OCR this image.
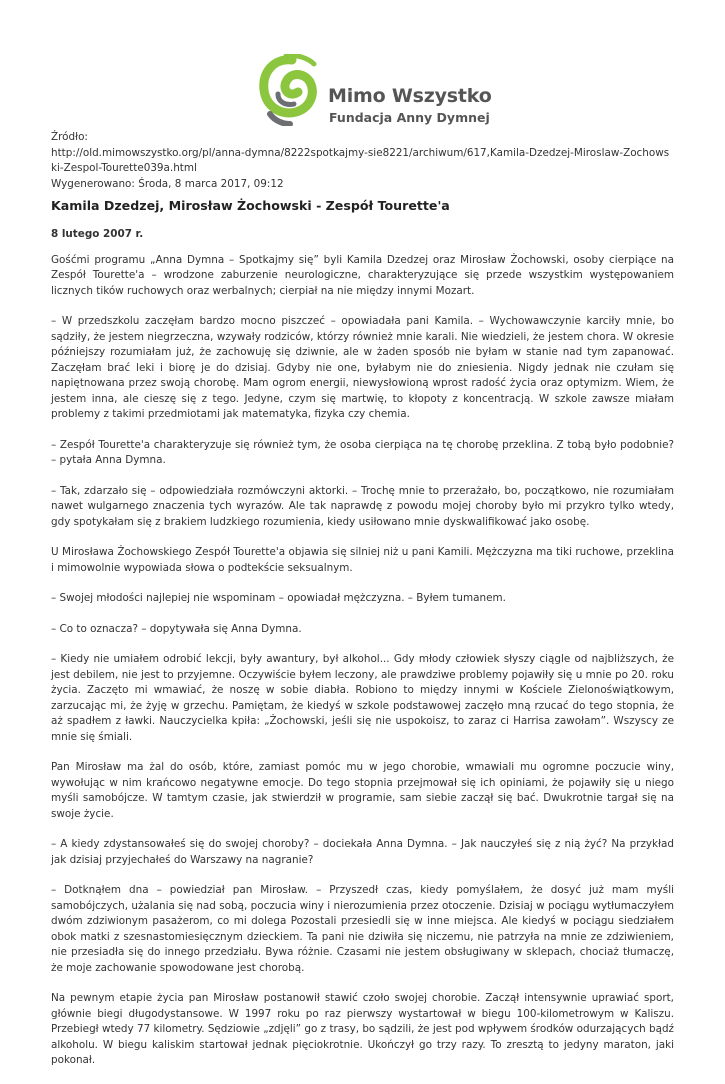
Mimo Wszystko
Fundacja Anny Dymnej
Źródło:
http://old.mimowszystko.org/pl/anna-dymna/8222spotkajmy-sie8221/archiwum/617,Kamila-Dzedzej-Miroslaw-Zochowski-Zespol-Tourette039a.html
Wygenerowano: Środa, 8 marca 2017, 09:12
Kamila Dzedzej, Mirosław Żochowski - Zespół Tourette'a
8 lutego 2007 r.

Gośćmi programu „Anna Dymna – Spotkajmy się” byli Kamila Dzedzej oraz Mirosław Żochowski, osoby cierpiące na Zespół Tourette'a – wrodzone zaburzenie neurologiczne, charakteryzujące się przede wszystkim występowaniem licznych tików ruchowych oraz werbalnych; cierpiał na nie między innymi Mozart.

– W przedszkolu zaczęłam bardzo mocno piszczeć – opowiadała pani Kamila. – Wychowawczynie karciły mnie, bo sądziły, że jestem niegrzeczna, wzywały rodziców, którzy również mnie karali. Nie wiedzieli, że jestem chora. W okresie późniejszy rozumiałam już, że zachowuję się dziwnie, ale w żaden sposób nie byłam w stanie nad tym zapanować. Zaczęłam brać leki i biorę je do dzisiaj. Gdyby nie one, byłabym nie do zniesienia. Nigdy jednak nie czułam się napiętnowana przez swoją chorobę. Mam ogrom energii, niewysłowioną wprost radość życia oraz optymizm. Wiem, że jestem inna, ale cieszę się z tego. Jedyne, czym się martwię, to kłopoty z koncentracją. W szkole zawsze miałam problemy z takimi przedmiotami jak matematyka, fizyka czy chemia.

– Zespół Tourette'a charakteryzuje się również tym, że osoba cierpiąca na tę chorobę przeklina. Z tobą było podobnie? – pytała Anna Dymna.

– Tak, zdarzało się – odpowiedziała rozmówczyni aktorki. – Trochę mnie to przerażało, bo, początkowo, nie rozumiałam nawet wulgarnego znaczenia tych wyrazów. Ale tak naprawdę z powodu mojej choroby było mi przykro tylko wtedy, gdy spotykałam się z brakiem ludzkiego rozumienia, kiedy usiłowano mnie dyskwalifikować jako osobę.

U Mirosława Żochowskiego Zespół Tourette'a objawia się silniej niż u pani Kamili. Mężczyzna ma tiki ruchowe, przeklina i mimowolnie wypowiada słowa o podtekście seksualnym.

– Swojej młodości najlepiej nie wspominam – opowiadał mężczyzna. – Byłem tumanem.

– Co to oznacza? – dopytywała się Anna Dymna.

– Kiedy nie umiałem odrobić lekcji, były awantury, był alkohol... Gdy młody człowiek słyszy ciągle od najbliższych, że jest debilem, nie jest to przyjemne. Oczywiście byłem leczony, ale prawdziwe problemy pojawiły się u mnie po 20. roku życia. Zaczęto mi wmawiać, że noszę w sobie diabła. Robiono to między innymi w Kościele Zielonoświątkowym, zarzucając mi, że żyję w grzechu. Pamiętam, że kiedyś w szkole podstawowej zaczęło mną rzucać do tego stopnia, że aż spadłem z ławki. Nauczycielka kpiła: „Żochowski, jeśli się nie uspokoisz, to zaraz ci Harrisa zawołam”. Wszyscy ze mnie się śmiali.

Pan Mirosław ma żal do osób, które, zamiast pomóc mu w jego chorobie, wmawiali mu ogromne poczucie winy, wywołując w nim krańcowo negatywne emocje. Do tego stopnia przejmował się ich opiniami, że pojawiły się u niego myśli samobójcze. W tamtym czasie, jak stwierdził w programie, sam siebie zaczął się bać. Dwukrotnie targał się na swoje życie.

– A kiedy zdystansowałeś się do swojej choroby? – dociekała Anna Dymna. – Jak nauczyłeś się z nią żyć? Na przykład jak dzisiaj przyjechałeś do Warszawy na nagranie?

– Dotknąłem dna – powiedział pan Mirosław. – Przyszedł czas, kiedy pomyślałem, że dosyć już mam myśli samobójczych, użalania się nad sobą, poczucia winy i nierozumienia przez otoczenie. Dzisiaj w pociągu wytłumaczyłem dwóm zdziwionym pasażerom, co mi dolega Pozostali przesiedli się w inne miejsca. Ale kiedyś w pociągu siedziałem obok matki z szesnastomiesięcznym dzieckiem. Ta pani nie dziwiła się niczemu, nie patrzyła na mnie ze zdziwieniem, nie przesiadła się do innego przedziału. Bywa różnie. Czasami nie jestem obsługiwany w sklepach, chociaż tłumaczę, że moje zachowanie spowodowane jest chorobą.

Na pewnym etapie życia pan Mirosław postanowił stawić czoło swojej chorobie. Zaczął intensywnie uprawiać sport, głównie biegi długodystansowe. W 1997 roku po raz pierwszy wystartował w biegu 100-kilometrowym w Kaliszu. Przebiegł wtedy 77 kilometry. Sędziowie „zdjęli” go z trasy, bo sądzili, że jest pod wpływem środków odurzających bądź alkoholu. W biegu kaliskim startował jednak pięciokrotnie. Ukończył go trzy razy. To zresztą to jedyny maraton, jaki pokonał.
